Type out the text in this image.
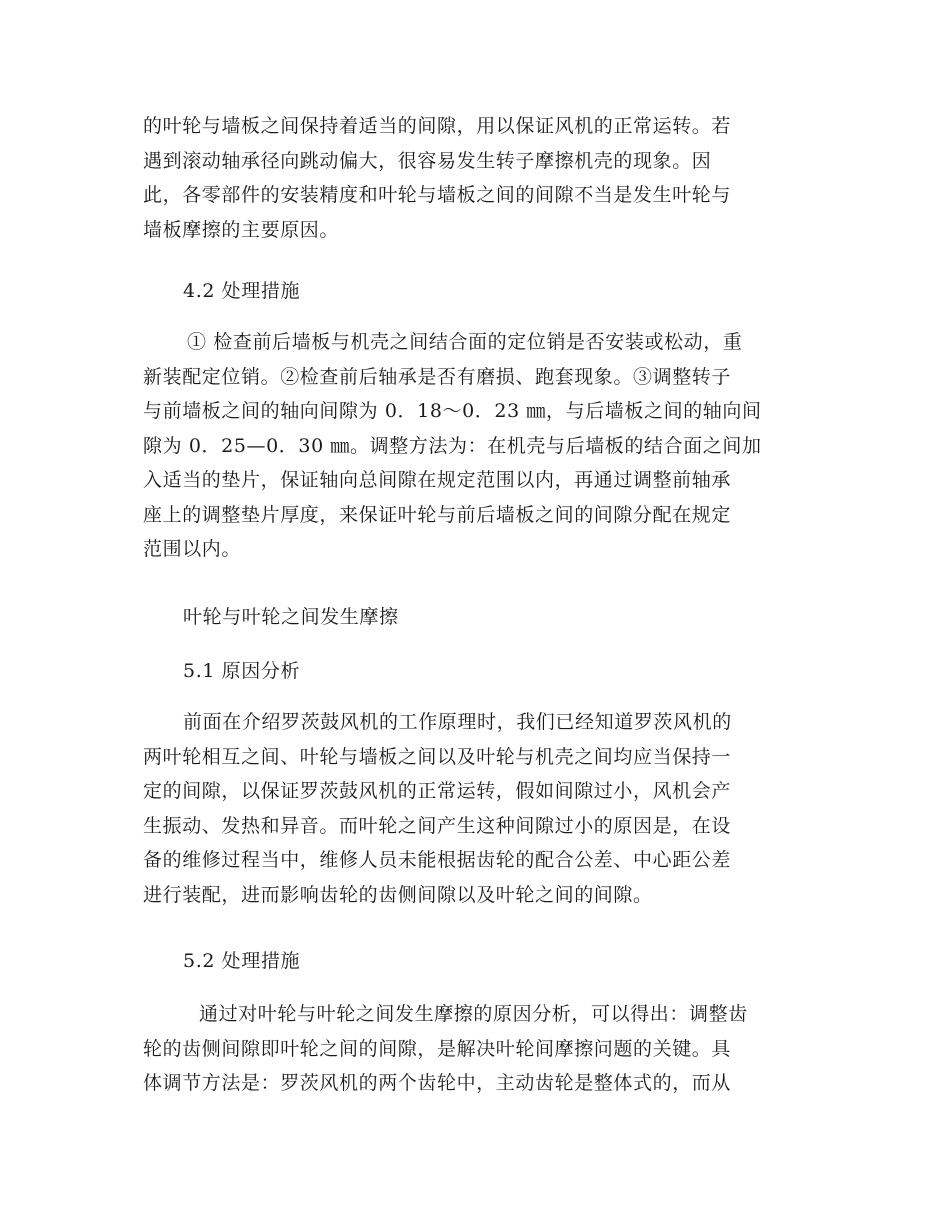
的叶轮与墙板之间保持着适当的间隙，用以保证风机的正常运转。若
遇到滚动轴承径向跳动偏大，很容易发生转子摩擦机壳的现象。因
此，各零部件的安装精度和叶轮与墙板之间的间隙不当是发生叶轮与
墙板摩擦的主要原因。
4.2 处理措施
① 检查前后墙板与机壳之间结合面的定位销是否安装或松动，重
新装配定位销。②检查前后轴承是否有磨损、跑套现象。③调整转子
与前墙板之间的轴向间隙为 0．18～0．23 ㎜，与后墙板之间的轴向间
隙为 0．25—0．30 ㎜。调整方法为：在机壳与后墙板的结合面之间加
入适当的垫片，保证轴向总间隙在规定范围以内，再通过调整前轴承
座上的调整垫片厚度，来保证叶轮与前后墙板之间的间隙分配在规定
范围以内。
叶轮与叶轮之间发生摩擦
5.1 原因分析
前面在介绍罗茨鼓风机的工作原理时，我们已经知道罗茨风机的
两叶轮相互之间、叶轮与墙板之间以及叶轮与机壳之间均应当保持一
定的间隙，以保证罗茨鼓风机的正常运转，假如间隙过小，风机会产
生振动、发热和异音。而叶轮之间产生这种间隙过小的原因是，在设
备的维修过程当中，维修人员未能根据齿轮的配合公差、中心距公差
进行装配，进而影响齿轮的齿侧间隙以及叶轮之间的间隙。
5.2 处理措施
通过对叶轮与叶轮之间发生摩擦的原因分析，可以得出：调整齿
轮的齿侧间隙即叶轮之间的间隙，是解决叶轮间摩擦问题的关键。具
体调节方法是：罗茨风机的两个齿轮中，主动齿轮是整体式的，而从
